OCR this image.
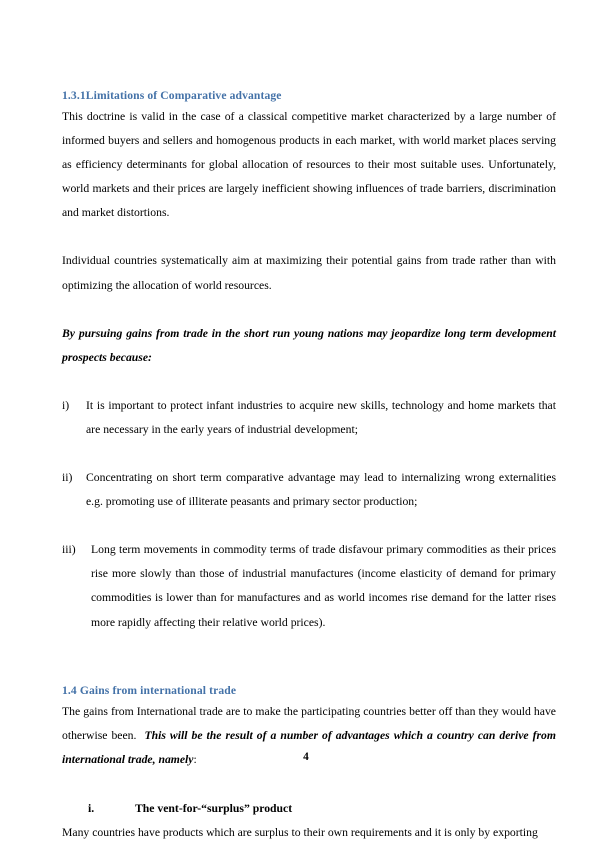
1.3.1Limitations of Comparative advantage

This doctrine is valid in the case of a classical competitive market characterized by a large number of informed buyers and sellers and homogenous products in each market, with world market places serving as efficiency determinants for global allocation of resources to their most suitable uses. Unfortunately, world markets and their prices are largely inefficient showing influences of trade barriers, discrimination and market distortions.

Individual countries systematically aim at maximizing their potential gains from trade rather than with optimizing the allocation of world resources.

By pursuing gains from trade in the short run young nations may jeopardize long term development prospects because:

i)	It is important to protect infant industries to acquire new skills, technology and home markets that are necessary in the early years of industrial development;
ii)	Concentrating on short term comparative advantage may lead to internalizing wrong externalities e.g. promoting use of illiterate peasants and primary sector production;
iii)	Long term movements in commodity terms of trade disfavour primary commodities as their prices rise more slowly than those of industrial manufactures (income elasticity of demand for primary commodities is lower than for manufactures and as world incomes rise demand for the latter rises more rapidly affecting their relative world prices).
1.4 Gains from international trade

The gains from International trade are to make the participating countries better off than they would have otherwise been. This will be the result of a number of advantages which a country can derive from international trade, namely:

i.	The vent-for-“surplus” product

Many countries have products which are surplus to their own requirements and it is only by exporting

4
